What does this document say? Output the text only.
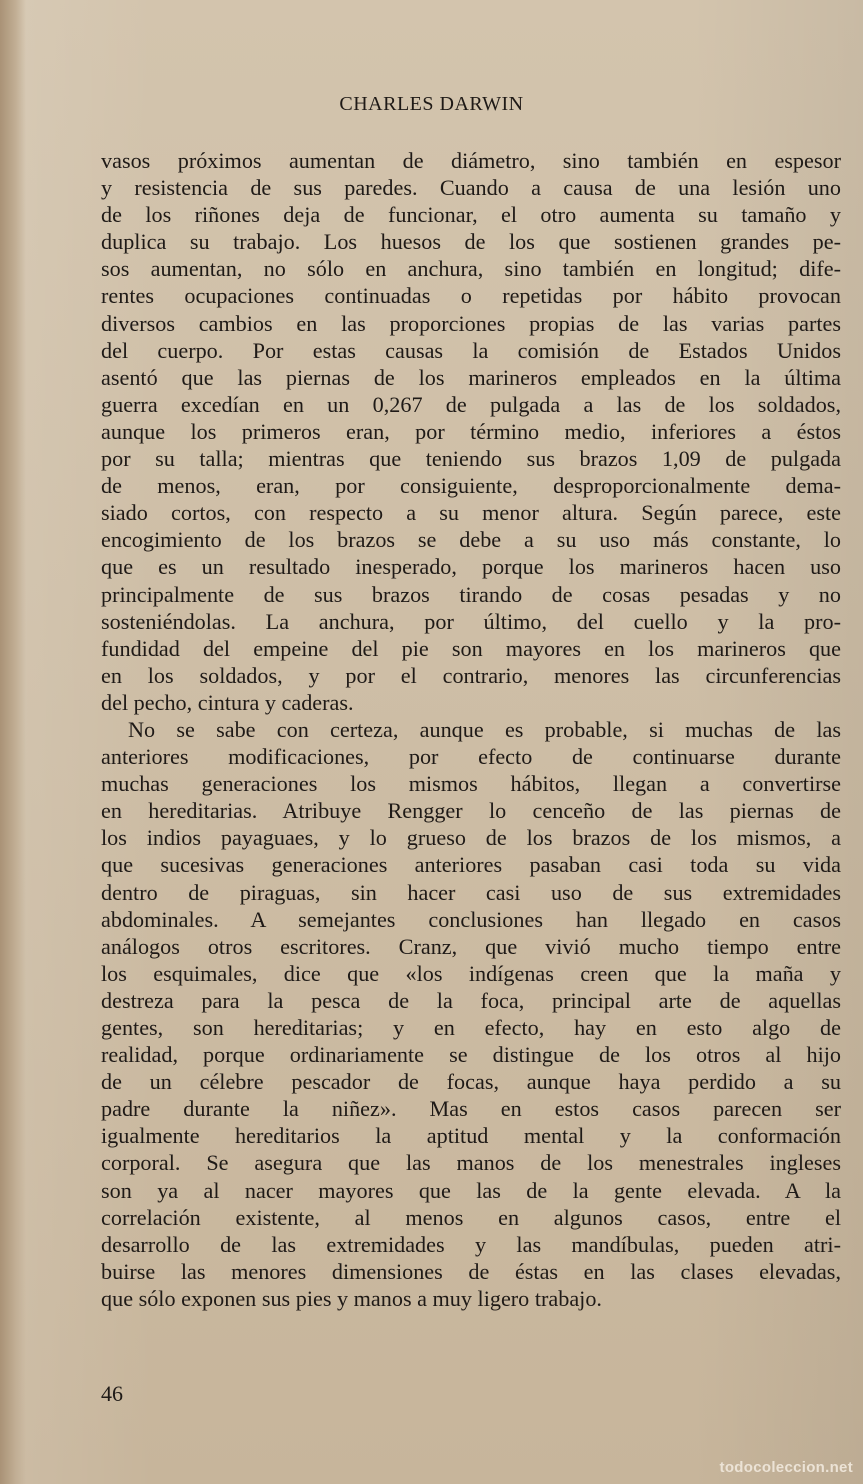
CHARLES DARWIN
vasos próximos aumentan de diámetro, sino también en espesor
y resistencia de sus paredes. Cuando a causa de una lesión uno
de los riñones deja de funcionar, el otro aumenta su tamaño y
duplica su trabajo. Los huesos de los que sostienen grandes pe-
sos aumentan, no sólo en anchura, sino también en longitud; dife-
rentes ocupaciones continuadas o repetidas por hábito provocan
diversos cambios en las proporciones propias de las varias partes
del cuerpo. Por estas causas la comisión de Estados Unidos
asentó que las piernas de los marineros empleados en la última
guerra excedían en un 0,267 de pulgada a las de los soldados,
aunque los primeros eran, por término medio, inferiores a éstos
por su talla; mientras que teniendo sus brazos 1,09 de pulgada
de menos, eran, por consiguiente, desproporcionalmente dema-
siado cortos, con respecto a su menor altura. Según parece, este
encogimiento de los brazos se debe a su uso más constante, lo
que es un resultado inesperado, porque los marineros hacen uso
principalmente de sus brazos tirando de cosas pesadas y no
sosteniéndolas. La anchura, por último, del cuello y la pro-
fundidad del empeine del pie son mayores en los marineros que
en los soldados, y por el contrario, menores las circunferencias
del pecho, cintura y caderas.
No se sabe con certeza, aunque es probable, si muchas de las
anteriores modificaciones, por efecto de continuarse durante
muchas generaciones los mismos hábitos, llegan a convertirse
en hereditarias. Atribuye Rengger lo cenceño de las piernas de
los indios payaguaes, y lo grueso de los brazos de los mismos, a
que sucesivas generaciones anteriores pasaban casi toda su vida
dentro de piraguas, sin hacer casi uso de sus extremidades
abdominales. A semejantes conclusiones han llegado en casos
análogos otros escritores. Cranz, que vivió mucho tiempo entre
los esquimales, dice que «los indígenas creen que la maña y
destreza para la pesca de la foca, principal arte de aquellas
gentes, son hereditarias; y en efecto, hay en esto algo de
realidad, porque ordinariamente se distingue de los otros al hijo
de un célebre pescador de focas, aunque haya perdido a su
padre durante la niñez». Mas en estos casos parecen ser
igualmente hereditarios la aptitud mental y la conformación
corporal. Se asegura que las manos de los menestrales ingleses
son ya al nacer mayores que las de la gente elevada. A la
correlación existente, al menos en algunos casos, entre el
desarrollo de las extremidades y las mandíbulas, pueden atri-
buirse las menores dimensiones de éstas en las clases elevadas,
que sólo exponen sus pies y manos a muy ligero trabajo.
46
todocoleccion.net
